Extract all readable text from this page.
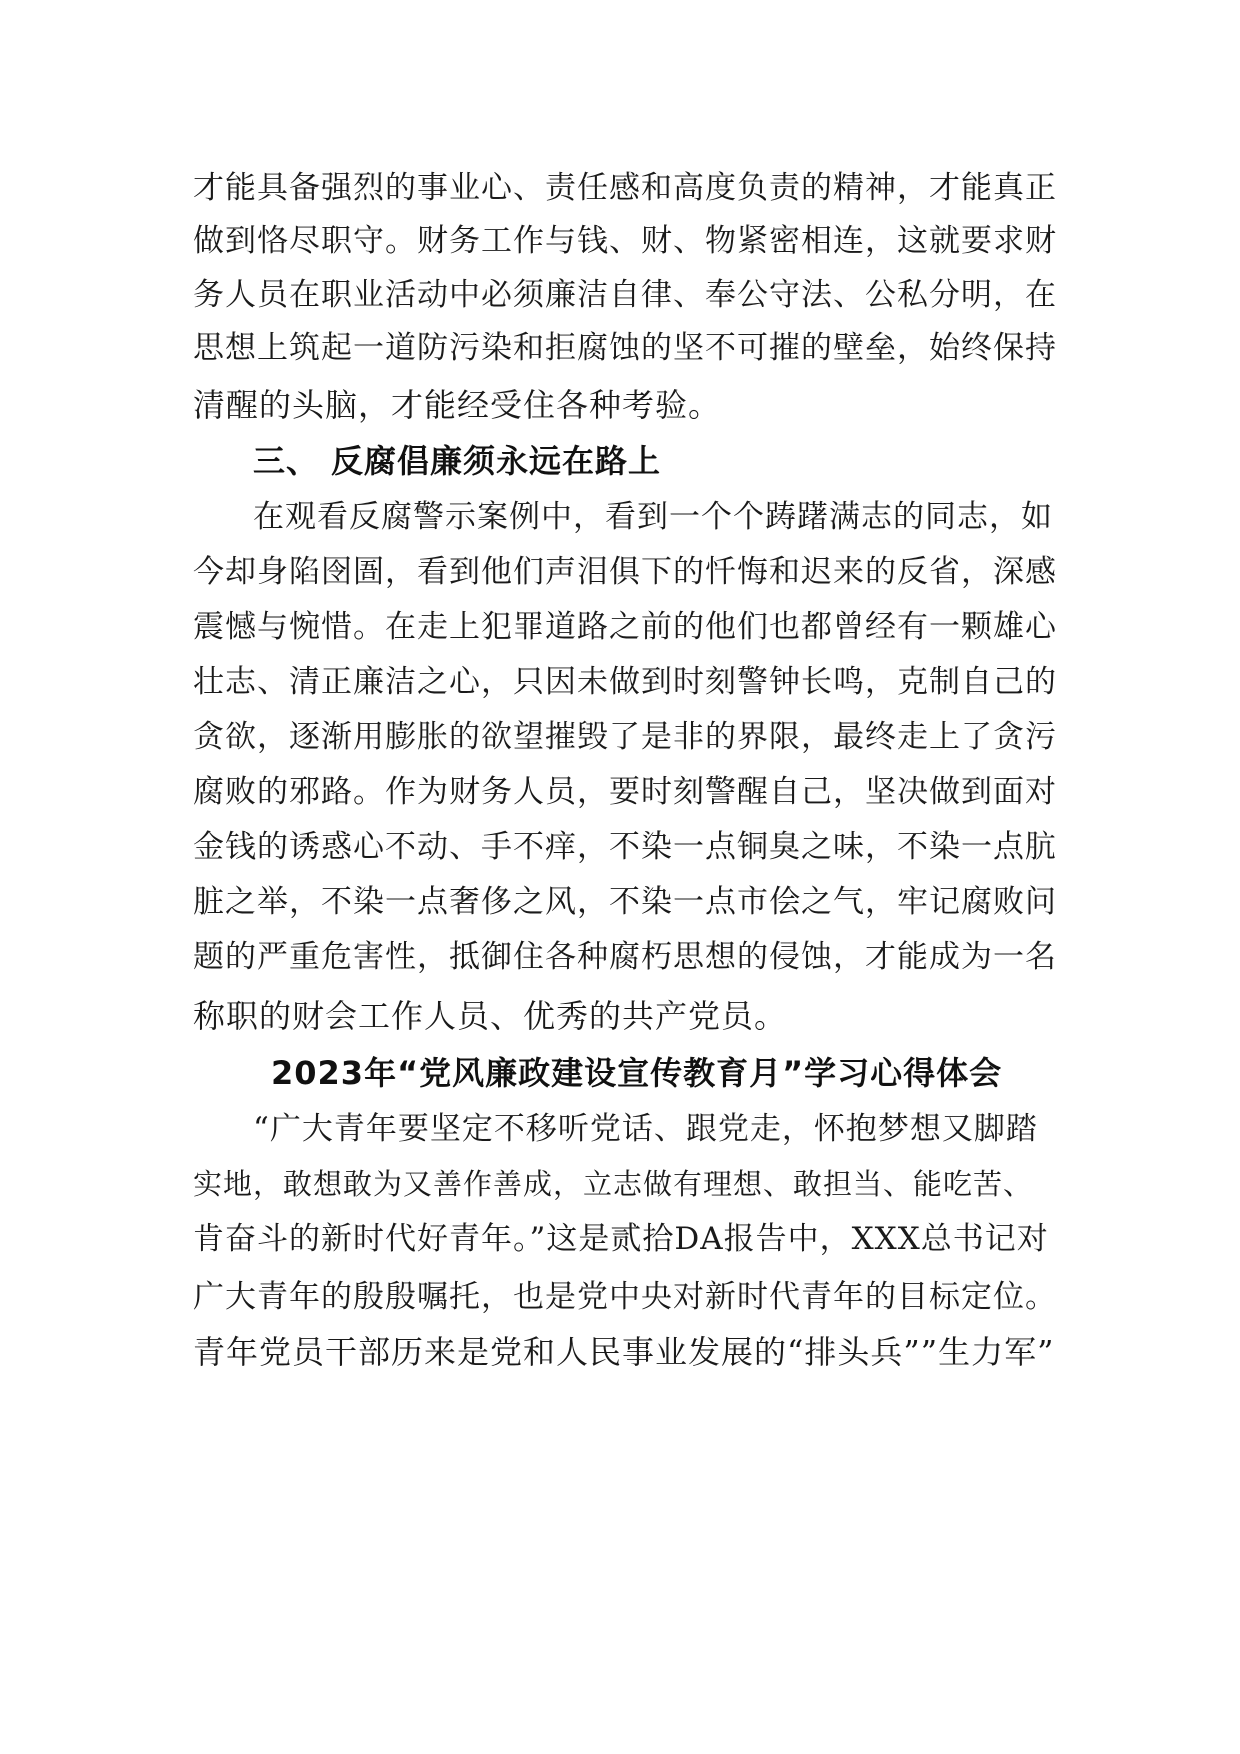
才能具备强烈的事业心、责任感和高度负责的精神，才能真正
做到恪尽职守。财务工作与钱、财、物紧密相连，这就要求财
务人员在职业活动中必须廉洁自律、奉公守法、公私分明，在
思想上筑起一道防污染和拒腐蚀的坚不可摧的壁垒，始终保持
清醒的头脑，才能经受住各种考验。
三、 反腐倡廉须永远在路上
在观看反腐警示案例中，看到一个个踌躇满志的同志，如
今却身陷囹圄，看到他们声泪俱下的忏悔和迟来的反省，深感
震憾与惋惜。在走上犯罪道路之前的他们也都曾经有一颗雄心
壮志、清正廉洁之心，只因未做到时刻警钟长鸣，克制自己的
贪欲，逐渐用膨胀的欲望摧毁了是非的界限，最终走上了贪污
腐败的邪路。作为财务人员，要时刻警醒自己，坚决做到面对
金钱的诱惑心不动、手不痒，不染一点铜臭之味，不染一点肮
脏之举，不染一点奢侈之风，不染一点市侩之气，牢记腐败问
题的严重危害性，抵御住各种腐朽思想的侵蚀，才能成为一名
称职的财会工作人员、优秀的共产党员。
2023年“党风廉政建设宣传教育月”学习心得体会
“广大青年要坚定不移听党话、跟党走，怀抱梦想又脚踏
实地，敢想敢为又善作善成，立志做有理想、敢担当、能吃苦、
肯奋斗的新时代好青年。”这是贰拾DA报告中，XXX总书记对
广大青年的殷殷嘱托，也是党中央对新时代青年的目标定位。
青年党员干部历来是党和人民事业发展的“排头兵””生力军”
